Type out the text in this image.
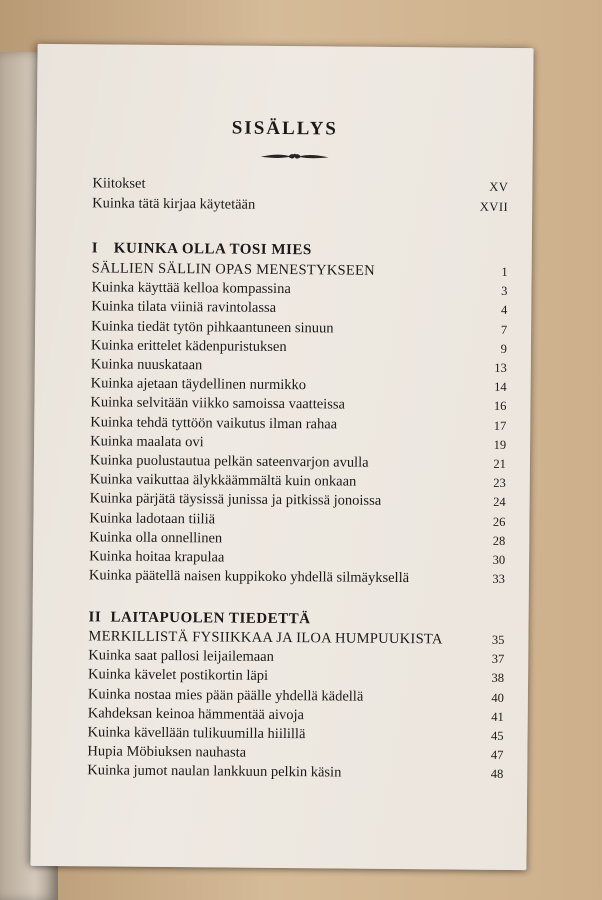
SISÄLLYS
Kiitokset	XV
Kuinka tätä kirjaa käytetään	XVII
I KUINKA OLLA TOSI MIES
SÄLLIEN SÄLLIN OPAS MENESTYKSEEN	1
Kuinka käyttää kelloa kompassina	3
Kuinka tilata viiniä ravintolassa	4
Kuinka tiedät tytön pihkaantuneen sinuun	7
Kuinka erittelet kädenpuristuksen	9
Kuinka nuuskataan	13
Kuinka ajetaan täydellinen nurmikko	14
Kuinka selvitään viikko samoissa vaatteissa	16
Kuinka tehdä tyttöön vaikutus ilman rahaa	17
Kuinka maalata ovi	19
Kuinka puolustautua pelkän sateenvarjon avulla	21
Kuinka vaikuttaa älykkäämmältä kuin onkaan	23
Kuinka pärjätä täysissä junissa ja pitkissä jonoissa	24
Kuinka ladotaan tiiliä	26
Kuinka olla onnellinen	28
Kuinka hoitaa krapulaa	30
Kuinka päätellä naisen kuppikoko yhdellä silmäyksellä	33
II LAITAPUOLEN TIEDETTÄ
MERKILLISTÄ FYSIIKKAA JA ILOA HUMPUUKISTA	35
Kuinka saat pallosi leijailemaan	37
Kuinka kävelet postikortin läpi	38
Kuinka nostaa mies pään päälle yhdellä kädellä	40
Kahdeksan keinoa hämmentää aivoja	41
Kuinka kävellään tulikuumilla hiilillä	45
Hupia Möbiuksen nauhasta	47
Kuinka jumot naulan lankkuun pelkin käsin	48
